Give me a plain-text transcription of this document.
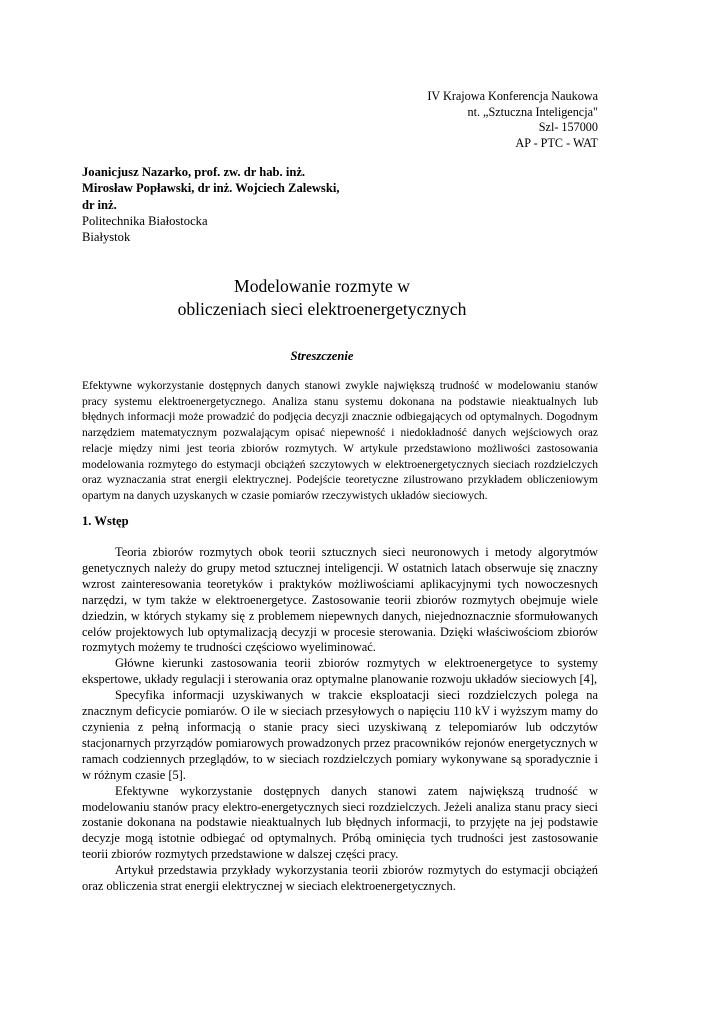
IV Krajowa Konferencja Naukowa
nt. „Sztuczna Inteligencja"
Szl- 157000
AP - PTC - WAT
Joanicjusz Nazarko, prof. zw. dr hab. inż. Mirosław Popławski, dr inż. Wojciech Zalewski, dr inż.
Politechnika Białostocka
Białystok
Modelowanie rozmyte w
obliczeniach sieci elektroenergetycznych
Streszczenie
Efektywne wykorzystanie dostępnych danych stanowi zwykle największą trudność w modelowaniu stanów pracy systemu elektroenergetycznego. Analiza stanu systemu dokonana na podstawie nieaktualnych lub błędnych informacji może prowadzić do podjęcia decyzji znacznie odbiegających od optymalnych. Dogodnym narzędziem matematycznym pozwalającym opisać niepewność i niedokładność danych wejściowych oraz relacje między nimi jest teoria zbiorów rozmytych. W artykule przedstawiono możliwości zastosowania modelowania rozmytego do estymacji obciążeń szczytowych w elektroenergetycznych sieciach rozdzielczych oraz wyznaczania strat energii elektrycznej. Podejście teoretyczne zilustrowano przykładem obliczeniowym opartym na danych uzyskanych w czasie pomiarów rzeczywistych układów sieciowych.
1. Wstęp

Teoria zbiorów rozmytych obok teorii sztucznych sieci neuronowych i metody algorytmów genetycznych należy do grupy metod sztucznej inteligencji. W ostatnich latach obserwuje się znaczny wzrost zainteresowania teoretyków i praktyków możliwościami aplikacyjnymi tych nowoczesnych narzędzi, w tym także w elektroenergetyce. Zastosowanie teorii zbiorów rozmytych obejmuje wiele dziedzin, w których stykamy się z problemem niepewnych danych, niejednoznacznie sformułowanych celów projektowych lub optymalizacją decyzji w procesie sterowania. Dzięki właściwościom zbiorów rozmytych możemy te trudności częściowo wyeliminować.

Główne kierunki zastosowania teorii zbiorów rozmytych w elektroenergetyce to systemy ekspertowe, układy regulacji i sterowania oraz optymalne planowanie rozwoju układów sieciowych [4],

Specyfika informacji uzyskiwanych w trakcie eksploatacji sieci rozdzielczych polega na znacznym deficycie pomiarów. O ile w sieciach przesyłowych o napięciu 110 kV i wyższym mamy do czynienia z pełną informacją o stanie pracy sieci uzyskiwaną z telepomiarów lub odczytów stacjonarnych przyrządów pomiarowych prowadzonych przez pracowników rejonów energetycznych w ramach codziennych przeglądów, to w sieciach rozdzielczych pomiary wykonywane są sporadycznie i w różnym czasie [5].

Efektywne wykorzystanie dostępnych danych stanowi zatem największą trudność w modelowaniu stanów pracy elektro-energetycznych sieci rozdzielczych. Jeżeli analiza stanu pracy sieci zostanie dokonana na podstawie nieaktualnych lub błędnych informacji, to przyjęte na jej podstawie decyzje mogą istotnie odbiegać od optymalnych. Próbą ominięcia tych trudności jest zastosowanie teorii zbiorów rozmytych przedstawione w dalszej części pracy.

Artykuł przedstawia przykłady wykorzystania teorii zbiorów rozmytych do estymacji obciążeń oraz obliczenia strat energii elektrycznej w sieciach elektroenergetycznych.
